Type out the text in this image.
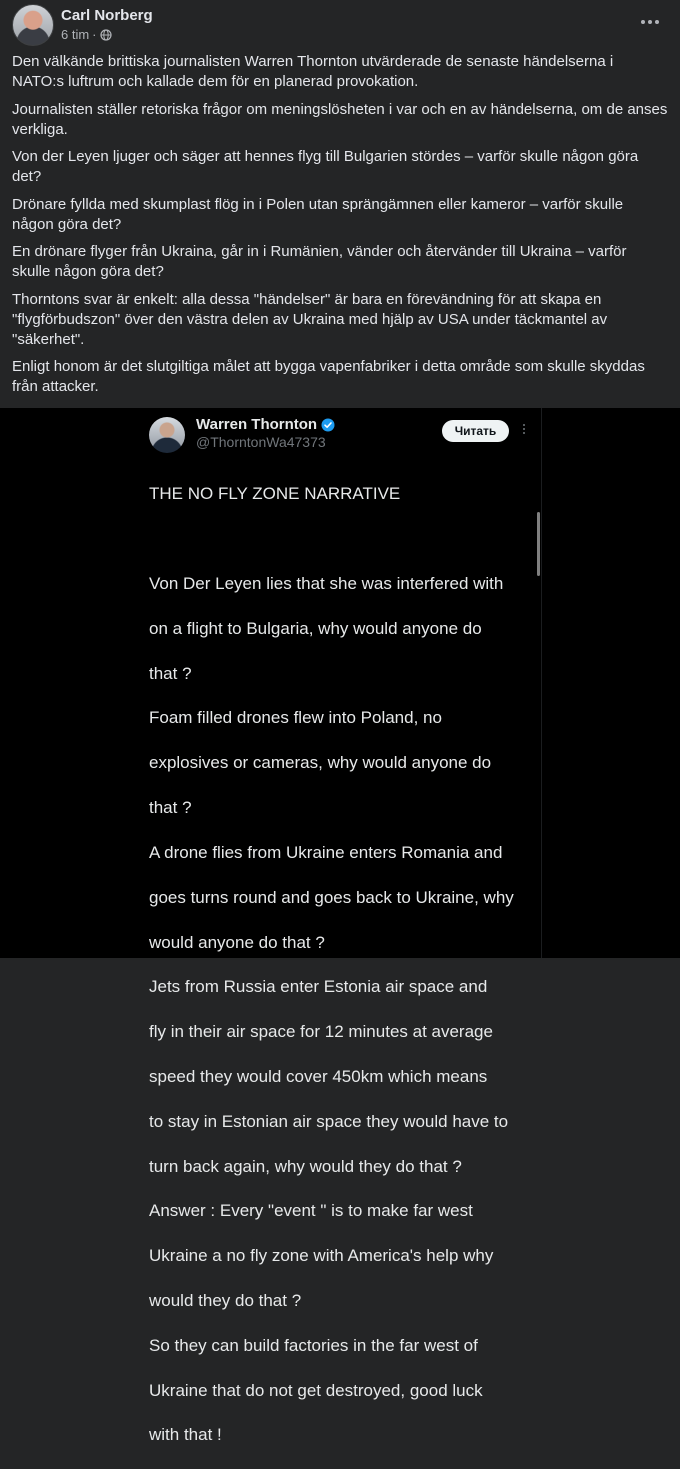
Carl Norberg
6 tim ·

Den välkände brittiska journalisten Warren Thornton utvärderade de senaste händelserna i NATO:s luftrum och kallade dem för en planerad provokation.

Journalisten ställer retoriska frågor om meningslösheten i var och en av händelserna, om de anses verkliga.

Von der Leyen ljuger och säger att hennes flyg till Bulgarien stördes – varför skulle någon göra det?

Drönare fyllda med skumplast flög in i Polen utan sprängämnen eller kameror – varför skulle någon göra det?

En drönare flyger från Ukraina, går in i Rumänien, vänder och återvänder till Ukraina – varför skulle någon göra det?

Thorntons svar är enkelt: alla dessa "händelser" är bara en förevändning för att skapa en "flygförbudszon" över den västra delen av Ukraina med hjälp av USA under täckmantel av "säkerhet".

Enligt honom är det slutgiltiga målet att bygga vapenfabriker i detta område som skulle skyddas från attacker.

Warren Thornton
@ThorntonWa47373
Читать

THE NO FLY ZONE NARRATIVE

Von Der Leyen lies that she was interfered with

on a flight to Bulgaria, why would anyone do

that ?

Foam filled drones flew into Poland, no

explosives or cameras, why would anyone do

that ?

A drone flies from Ukraine enters Romania and

goes turns round and goes back to Ukraine, why

would anyone do that ?

Jets from Russia enter Estonia air space and

fly in their air space for 12 minutes at average

speed they would cover 450km which means

to stay in Estonian air space they would have to

turn back again, why would they do that ?

Answer : Every "event " is to make far west

Ukraine a no fly zone with America's help why

would they do that ?

So they can build factories in the far west of

Ukraine that do not get destroyed, good luck

with that !
